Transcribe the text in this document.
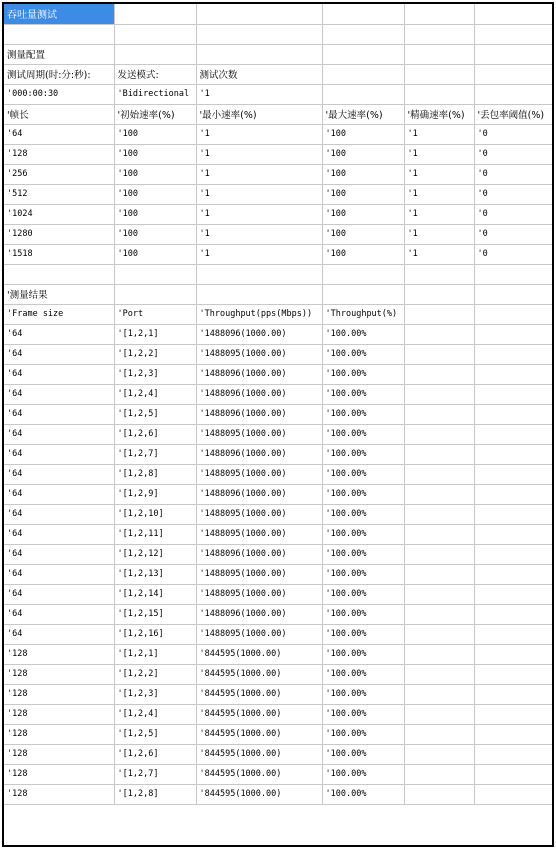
吞吐量测试					

测量配置					
测试周期(时:分:秒):	发送模式:	测试次数			
'000:00:30	'Bidirectional	'1			
'帧长	'初始速率(%)	'最小速率(%)	'最大速率(%)	'精确速率(%)	'丢包率阈值(%)
'64	'100	'1	'100	'1	'0
'128	'100	'1	'100	'1	'0
'256	'100	'1	'100	'1	'0
'512	'100	'1	'100	'1	'0
'1024	'100	'1	'100	'1	'0
'1280	'100	'1	'100	'1	'0
'1518	'100	'1	'100	'1	'0

'测量结果					
'Frame size	'Port	'Throughput(pps(Mbps))	'Throughput(%)		
'64	'[1,2,1]	'1488096(1000.00)	'100.00%		
'64	'[1,2,2]	'1488095(1000.00)	'100.00%		
'64	'[1,2,3]	'1488096(1000.00)	'100.00%		
'64	'[1,2,4]	'1488096(1000.00)	'100.00%		
'64	'[1,2,5]	'1488096(1000.00)	'100.00%		
'64	'[1,2,6]	'1488095(1000.00)	'100.00%		
'64	'[1,2,7]	'1488096(1000.00)	'100.00%		
'64	'[1,2,8]	'1488095(1000.00)	'100.00%		
'64	'[1,2,9]	'1488096(1000.00)	'100.00%		
'64	'[1,2,10]	'1488095(1000.00)	'100.00%		
'64	'[1,2,11]	'1488095(1000.00)	'100.00%		
'64	'[1,2,12]	'1488096(1000.00)	'100.00%		
'64	'[1,2,13]	'1488095(1000.00)	'100.00%		
'64	'[1,2,14]	'1488095(1000.00)	'100.00%		
'64	'[1,2,15]	'1488096(1000.00)	'100.00%		
'64	'[1,2,16]	'1488095(1000.00)	'100.00%		
'128	'[1,2,1]	'844595(1000.00)	'100.00%		
'128	'[1,2,2]	'844595(1000.00)	'100.00%		
'128	'[1,2,3]	'844595(1000.00)	'100.00%		
'128	'[1,2,4]	'844595(1000.00)	'100.00%		
'128	'[1,2,5]	'844595(1000.00)	'100.00%		
'128	'[1,2,6]	'844595(1000.00)	'100.00%		
'128	'[1,2,7]	'844595(1000.00)	'100.00%		
'128	'[1,2,8]	'844595(1000.00)	'100.00%		
